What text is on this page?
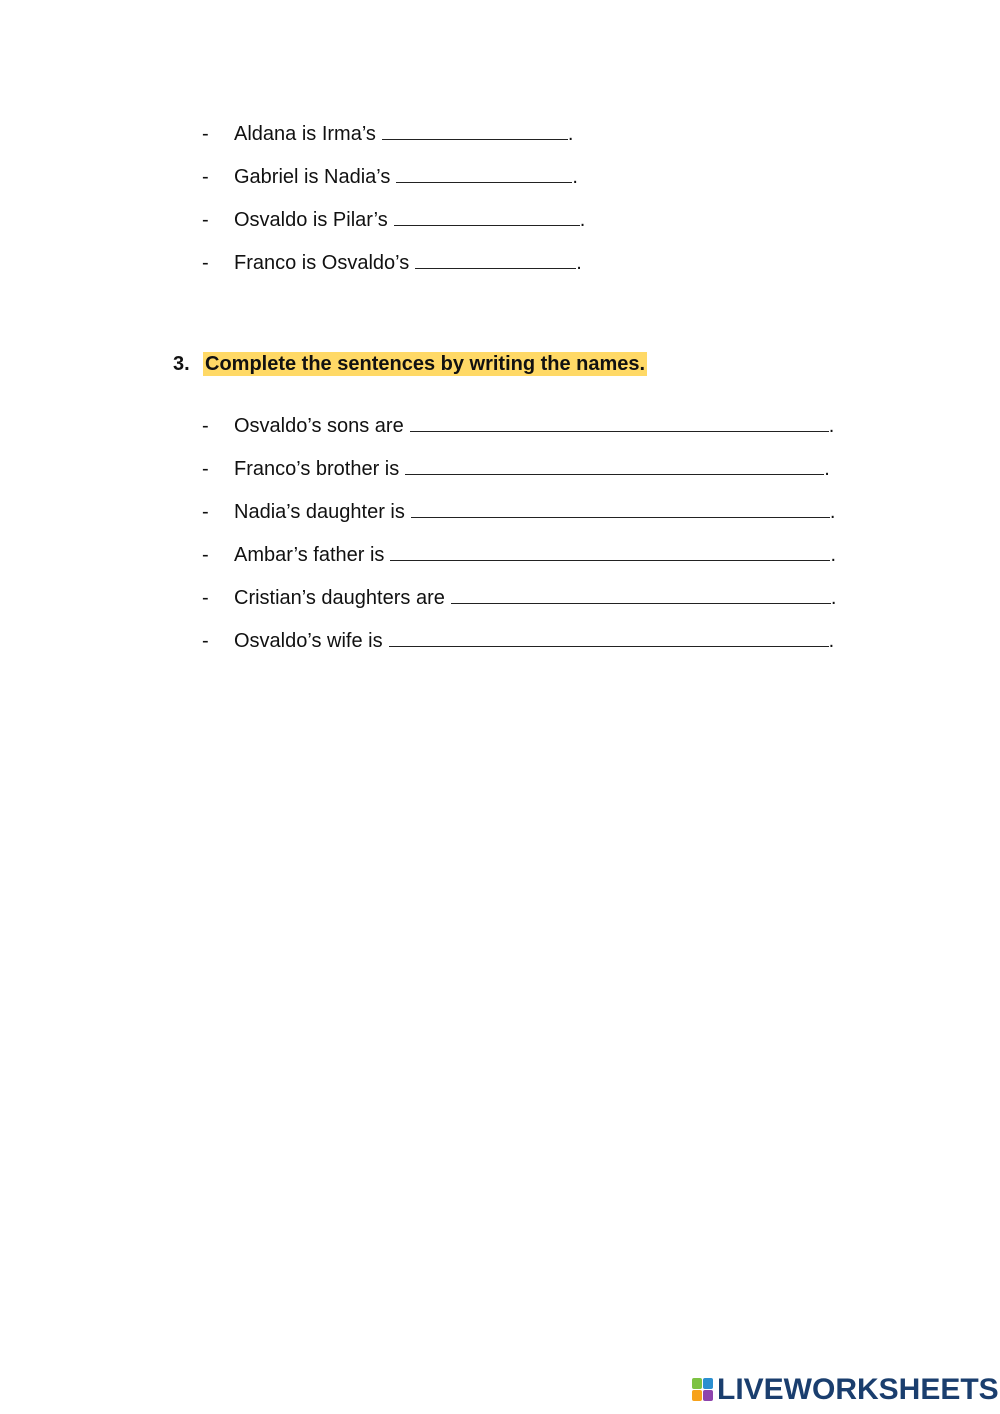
- Aldana is Irma’s	.
- Gabriel is Nadia’s	.
- Osvaldo is Pilar’s	.
- Franco is Osvaldo’s	.
3. Complete the sentences by writing the names.
- Osvaldo’s sons are	.
- Franco’s brother is	.
- Nadia’s daughter is	.
- Ambar’s father is	.
- Cristian’s daughters are	.
- Osvaldo’s wife is	.
LIVEWORKSHEETS
